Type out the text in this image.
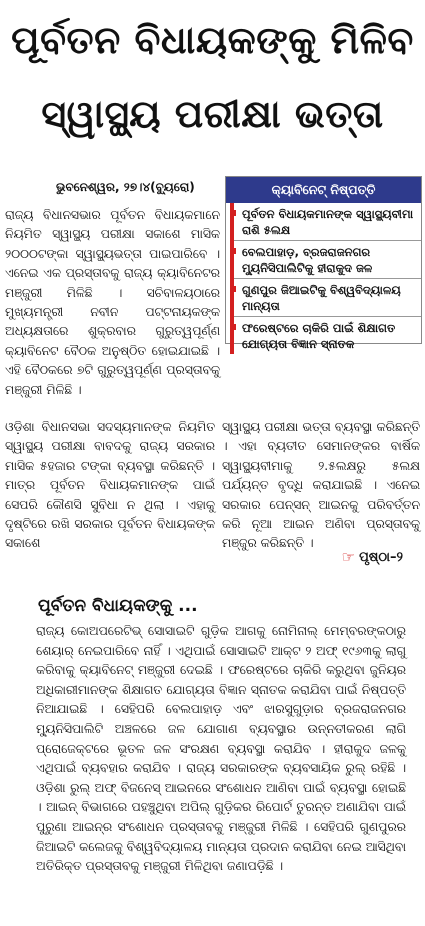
ପୂର୍ବତନ ବିଧାୟକଙ୍କୁ ମିଳିବ
ସ୍ୱାସ୍ଥ୍ୟ ପରୀକ୍ଷା ଭତ୍ତା
ଭୁବନେଶ୍ୱର, ୨୭।୪(ବ୍ୟୁରୋ)

ରାଜ୍ୟ ବିଧାନସଭାର ପୂର୍ବତନ ବିଧାୟକମାନେ ନିୟମିତ ସ୍ୱାସ୍ଥ୍ୟ ପରୀକ୍ଷା ସକାଶେ ମାସିକ ୨୦୦୦ଟଙ୍କା ସ୍ୱାସ୍ଥ୍ୟଭତ୍ତା ପାଇପାରିବେ । ଏନେଇ ଏକ ପ୍ରସ୍ତାବକୁ ରାଜ୍ୟ କ୍ୟାବିନେଟର ମଞ୍ଜୁରୀ ମିଳିଛି । ସଚିବାଳୟଠାରେ ମୁଖ୍ୟମନ୍ତ୍ରୀ ନବୀନ ପଟ୍ଟନାୟକଙ୍କ ଅଧ୍ୟକ୍ଷତାରେ ଶୁକ୍ରବାର ଗୁରୁତ୍ୱପୂର୍ଣ୍ଣ କ୍ୟାବିନେଟ ବୈଠକ ଅନୁଷ୍ଠିତ ହୋଇଯାଇଛି । ଏହି ବୈଠକରେ ୭ଟି ଗୁରୁତ୍ୱପୂର୍ଣ୍ଣ ପ୍ରସ୍ତାବକୁ ମଞ୍ଜୁରୀ ମିଳିଛି ।

କ୍ୟାବିନେଟ୍ ନିଷ୍ପତ୍ତି
ପୂର୍ବତନ ବିଧାୟକମାନଙ୍କ ସ୍ୱାସ୍ଥ୍ୟବୀମା ରାଶି ୫ଲକ୍ଷ
ବେଲପାହାଡ଼, ବ୍ରଜରାଜନଗର ମ୍ୟୁନିସିପାଲିଟିକୁ ହୀରାକୁଦ ଜଳ
ଗୁଣପୁର ଜିଆଇଟିକୁ ବିଶ୍ୱବିଦ୍ୟାଳୟ ମାନ୍ୟତା
ଫରେଷ୍ଟରେ ଚାକିରି ପାଇଁ ଶିକ୍ଷାଗତ ଯୋଗ୍ୟତା ବିଜ୍ଞାନ ସ୍ନାତକ

ଓଡ଼ିଶା ବିଧାନସଭା ସଦସ୍ୟମାନଙ୍କ ନିୟମିତ ସ୍ୱାସ୍ଥ୍ୟ ପରୀକ୍ଷା ବାବଦକୁ ରାଜ୍ୟ ସରକାର ମାସିକ ୫ହଜାର ଟଙ୍କା ବ୍ୟବସ୍ଥା କରିଛନ୍ତି । ମାତ୍ର ପୂର୍ବତନ ବିଧାୟକମାନଙ୍କ ପାଇଁ ସେପରି କୌଣସି ସୁବିଧା ନ ଥିଲା । ଏହାକୁ ଦୃଷ୍ଟିରେ ରଖି ସରକାର ପୂର୍ବତନ ବିଧାୟକଙ୍କ ସକାଶେ

ସ୍ୱାସ୍ଥ୍ୟ ପରୀକ୍ଷା ଭତ୍ତା ବ୍ୟବସ୍ଥା କରିଛନ୍ତି । ଏହା ବ୍ୟତୀତ ସେମାନଙ୍କର ବାର୍ଷିକ ସ୍ୱାସ୍ଥ୍ୟବୀମାକୁ ୨.୫ଲକ୍ଷରୁ ୫ଲକ୍ଷ ପର୍ଯ୍ୟନ୍ତ ବୃଦ୍ଧି କରାଯାଇଛି । ଏନେଇ ସରକାର ପେନ୍‌ସନ୍ ଆଇନକୁ ପରିବର୍ତ୍ତନ କରି ନୂଆ ଆଇନ ଅଣିବା ପ୍ରସ୍ତାବକୁ ମଞ୍ଜୁର କରିଛନ୍ତି ।

☞ ପୃଷ୍ଠା–୨
ପୂର୍ବତନ ବିଧାୟକଙ୍କୁ ...

ରାଜ୍ୟ କୋଅପରେଟିଭ୍ ସୋସାଇଟି ଗୁଡ଼ିକ ଆଗକୁ ନୋମିନାଲ୍ ମେମ୍ବରଙ୍କଠାରୁ ଶେୟାର୍ ନେଇପାରିବେ ନାହିଁ । ଏଥିପାଇଁ ସୋସାଇଟି ଆକ୍ଟ ୨ ଅଫ୍ ୧୯୬୩କୁ ଲାଗୁ କରିବାକୁ କ୍ୟାବିନେଟ୍ ମଞ୍ଜୁରୀ ଦେଇଛି । ଫରେଷ୍ଟରେ ଚାକିରି କରୁଥିବା ଜୁନିୟର ଅଧିକାରୀମାନଙ୍କ ଶିକ୍ଷାଗତ ଯୋଗ୍ୟତା ବିଜ୍ଞାନ ସ୍ନାତକ କରାଯିବା ପାଇଁ ନିଷ୍ପତ୍ତି ନିଆଯାଇଛି । ସେହିପରି ବେଲପାହାଡ଼ ଏବଂ ଝାରସୁଗୁଡ଼ାର ବ୍ରଜରାଜନଗର ମ୍ୟୁନିସିପାଲିଟି ଅଞ୍ଚଳରେ ଜଳ ଯୋଗାଣ ବ୍ୟବସ୍ଥାର ଉନ୍ନତୀକରଣ ଲାଗି ପ୍ରୋଜେକ୍ଟରେ ଭୂତଳ ଜଳ ସଂରକ୍ଷଣ ବ୍ୟବସ୍ଥା କରାଯିବ । ହୀରାକୁଦ ଜଳକୁ ଏଥିପାଇଁ ବ୍ୟବହାର କରାଯିବ । ରାଜ୍ୟ ସରକାରଙ୍କ ବ୍ୟବସାୟିକ ରୁଲ୍ ରହିଛି । ଓଡ଼ିଶା ରୁଲ୍ ଅଫ୍ ବିଜନେସ୍ ଆଇନରେ ସଂଶୋଧନ ଆଣିବା ପାଇଁ ବ୍ୟବସ୍ଥା ହୋଇଛି । ଆଇନ୍ ବିଭାଗରେ ପହଞ୍ଚୁଥିବା ଅପିଲ୍ ଗୁଡ଼ିକର ରିପୋର୍ଟ ତୁରନ୍ତ ଅଣାଯିବା ପାଇଁ ପୁରୁଣା ଆଇନ୍‌ର ସଂଶୋଧନ ପ୍ରସ୍ତାବକୁ ମଞ୍ଜୁରୀ ମିଳିଛି । ସେହିପରି ଗୁଣପୁରର ଜିଆଇଟି କଲେଜକୁ ବିଶ୍ୱବିଦ୍ୟାଳୟ ମାନ୍ୟତା ପ୍ରଦାନ କରାଯିବା ନେଇ ଆସିଥିବା ଅତିରିକ୍ତ ପ୍ରସ୍ତାବକୁ ମଞ୍ଜୁରୀ ମିଳିଥିବା ଜଣାପଡ଼ିଛି ।
